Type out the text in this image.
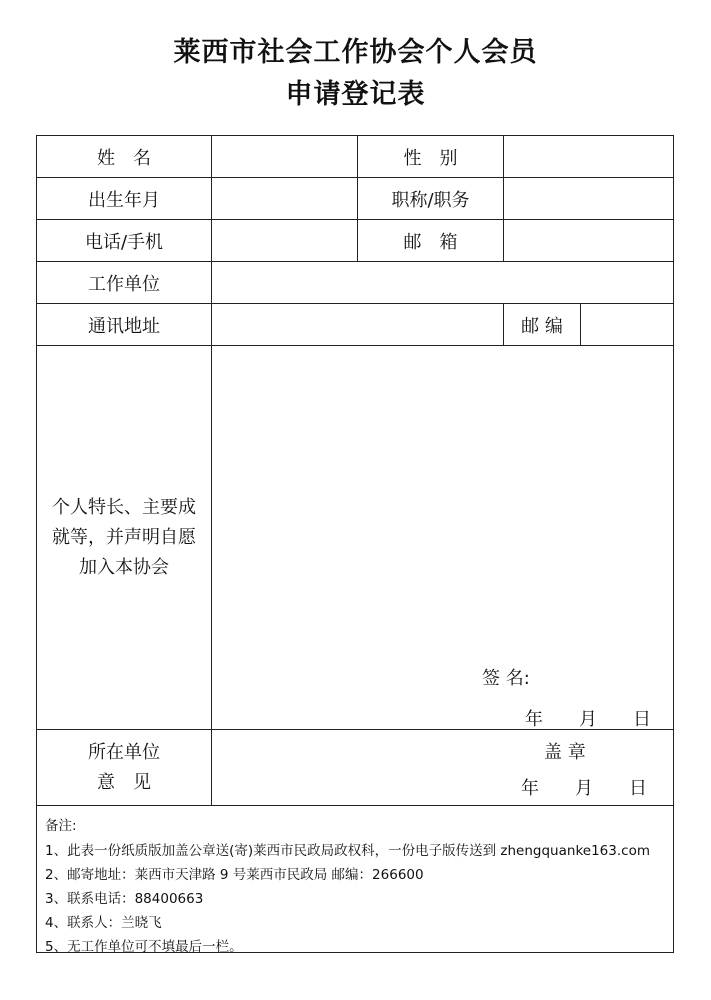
莱西市社会工作协会个人会员
申请登记表
姓　名	性　别
出生年月	职称/职务
电话/手机	邮　箱
工作单位
通讯地址	邮 编
个人特长、主要成
就等，并声明自愿
加入本协会
签 名:
年　　月　　日
所在单位
意　见
盖 章
年　　月　　日
备注:
1、此表一份纸质版加盖公章送(寄)莱西市民政局政权科，一份电子版传送到 zhengquanke163.com
2、邮寄地址：莱西市天津路 9 号莱西市民政局 邮编：266600
3、联系电话：88400663
4、联系人：兰晓飞
5、无工作单位可不填最后一栏。
